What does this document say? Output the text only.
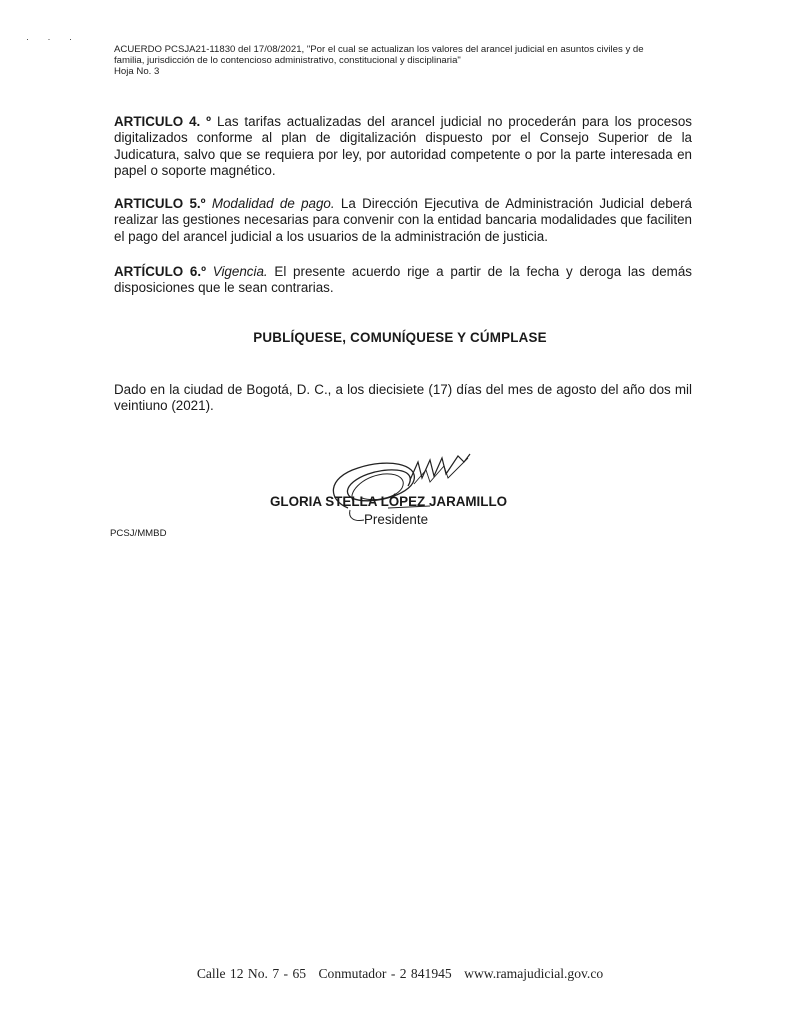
· · ·
ACUERDO PCSJA21-11830 del 17/08/2021, "Por el cual se actualizan los valores del arancel judicial en asuntos civiles y de
familia, jurisdicción de lo contencioso administrativo, constitucional y disciplinaria"
Hoja No. 3

ARTICULO 4. º Las tarifas actualizadas del arancel judicial no procederán para los procesos digitalizados conforme al plan de digitalización dispuesto por el Consejo Superior de la Judicatura, salvo que se requiera por ley, por autoridad competente o por la parte interesada en papel o soporte magnético.

ARTICULO 5.º Modalidad de pago. La Dirección Ejecutiva de Administración Judicial deberá realizar las gestiones necesarias para convenir con la entidad bancaria modalidades que faciliten el pago del arancel judicial a los usuarios de la administración de justicia.

ARTÍCULO 6.º Vigencia. El presente acuerdo rige a partir de la fecha y deroga las demás disposiciones que le sean contrarias.

PUBLÍQUESE, COMUNÍQUESE Y CÚMPLASE

Dado en la ciudad de Bogotá, D. C., a los diecisiete (17) días del mes de agosto del año dos mil veintiuno (2021).

GLORIA STELLA LÓPEZ JARAMILLO
Presidente
PCSJ/MMBD
Calle 12 No. 7 - 65 Conmutador - 2 841945 www.ramajudicial.gov.co
